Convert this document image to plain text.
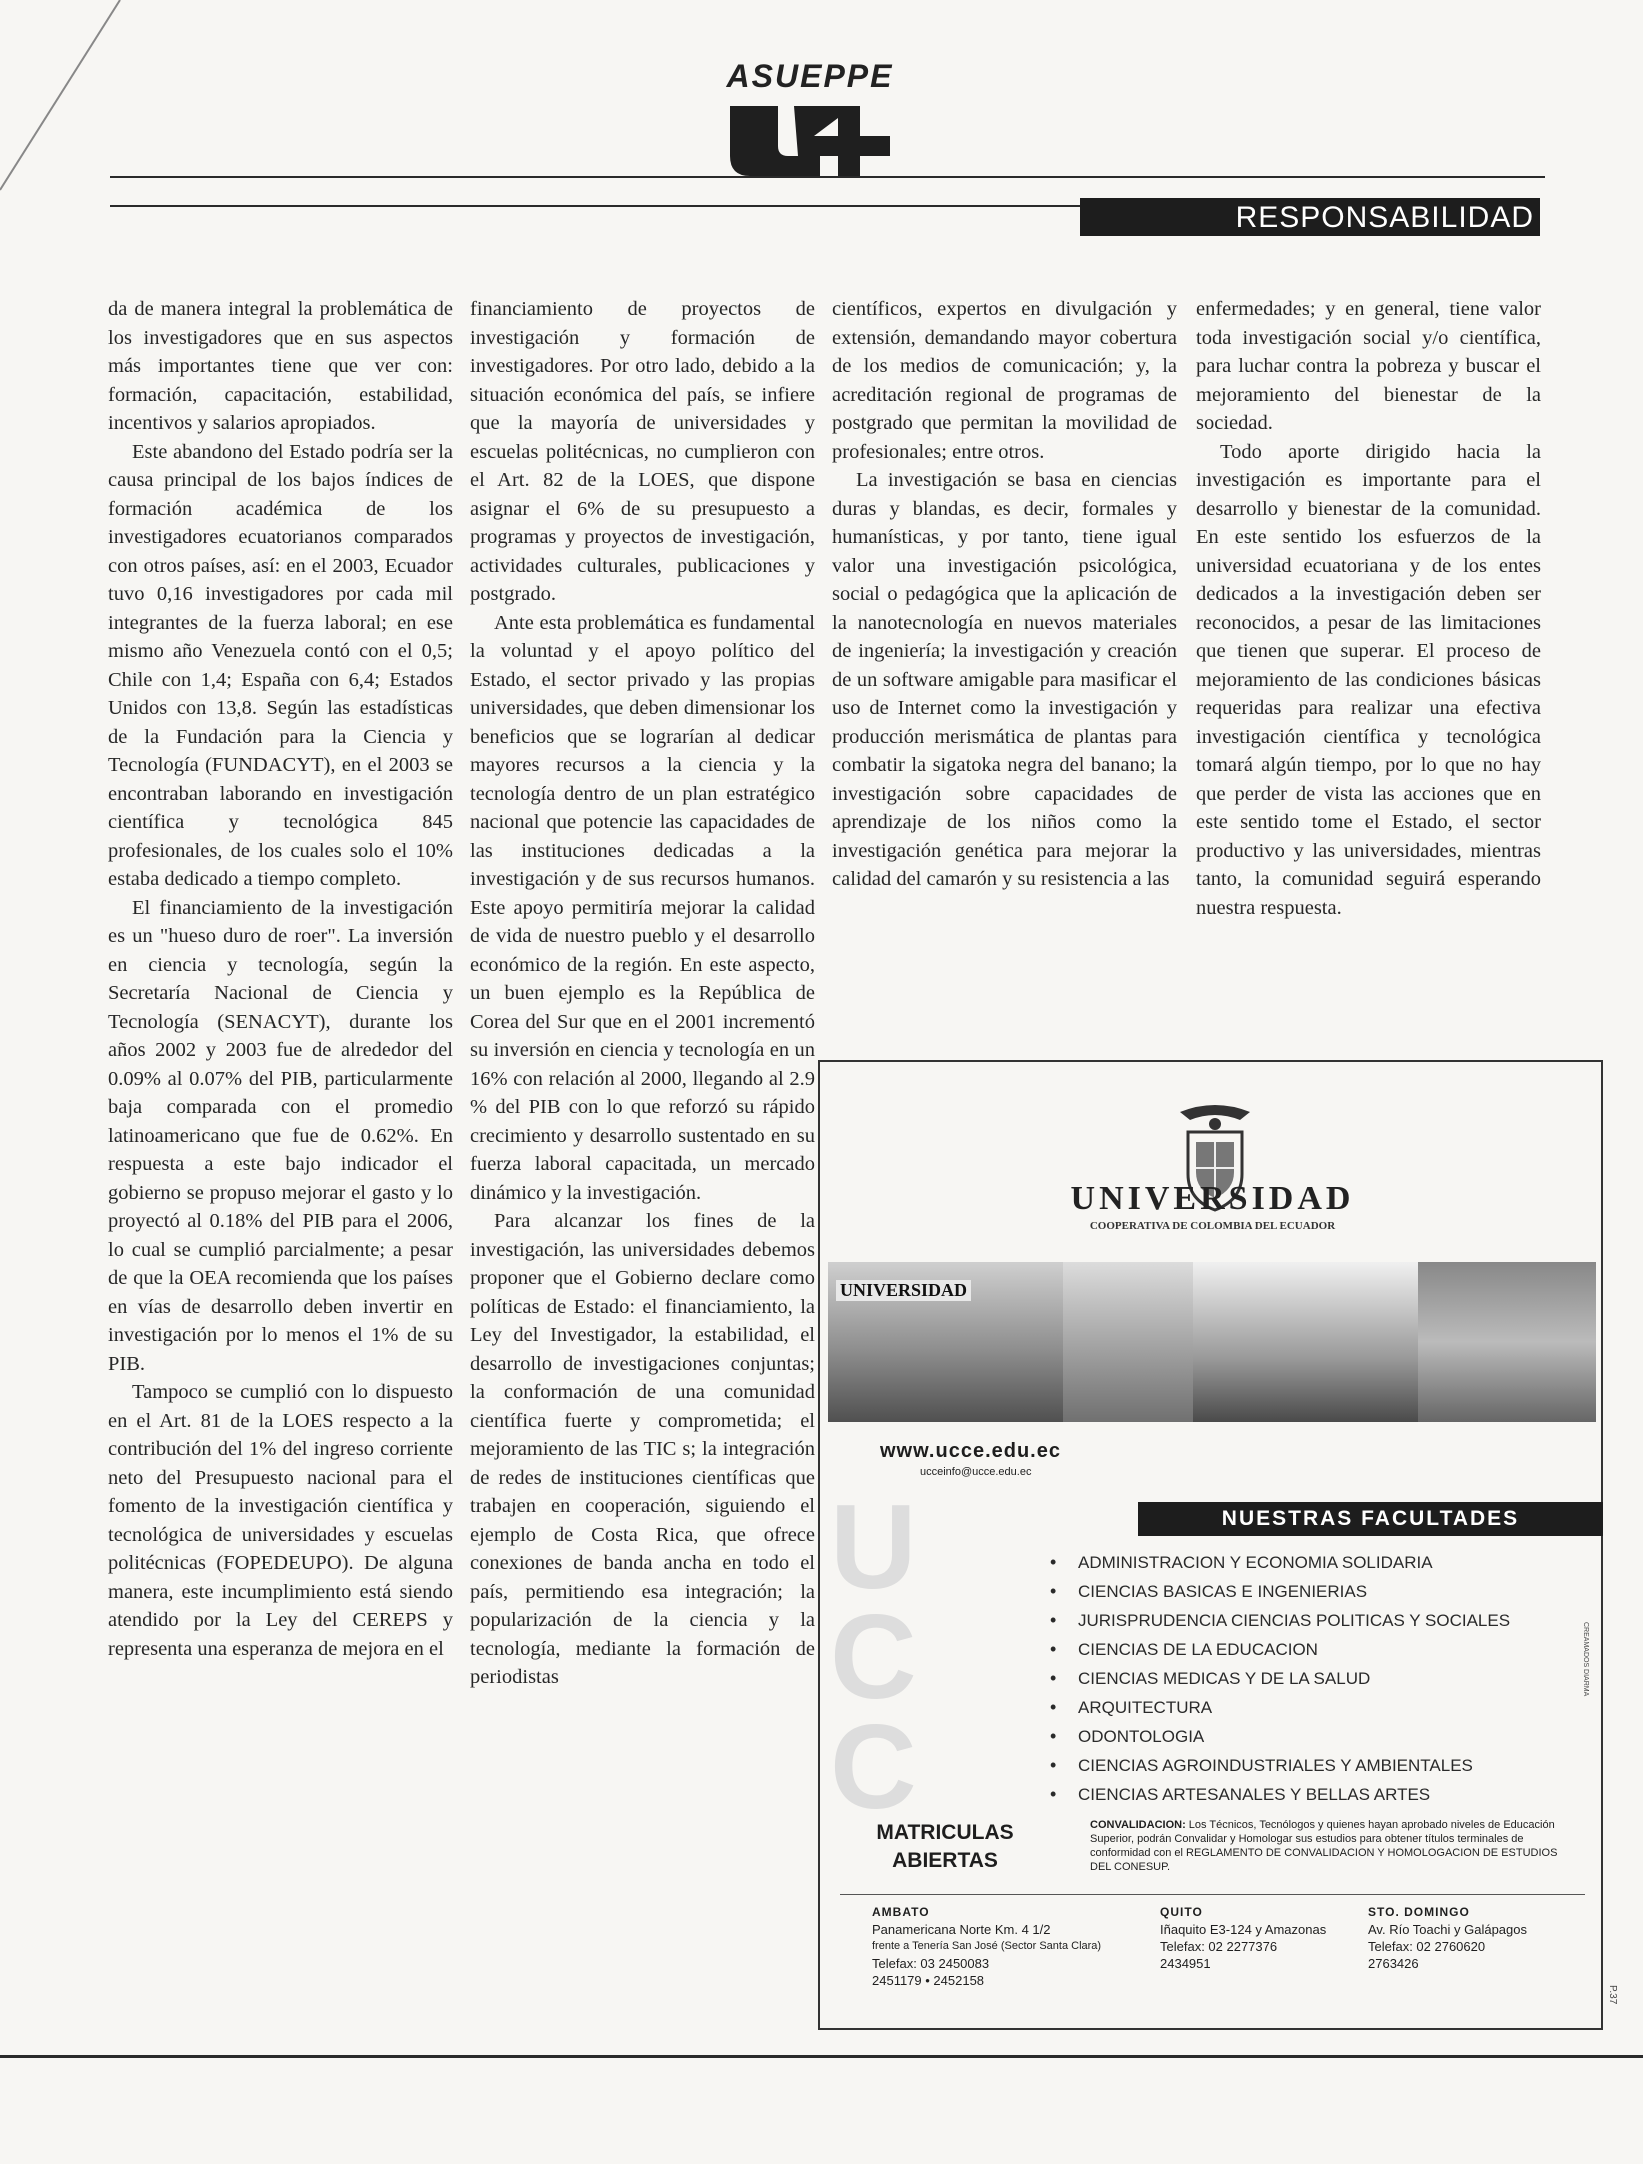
ASUEPPE
RESPONSABILIDAD

da de manera integral la problemática de los investigadores que en sus aspectos más importantes tiene que ver con: formación, capacitación, estabilidad, incentivos y salarios apropiados.

Este abandono del Estado podría ser la causa principal de los bajos índices de formación académica de los investigadores ecuatorianos comparados con otros países, así: en el 2003, Ecuador tuvo 0,16 investigadores por cada mil integrantes de la fuerza laboral; en ese mismo año Venezuela contó con el 0,5; Chile con 1,4; España con 6,4; Estados Unidos con 13,8. Según las estadísticas de la Fundación para la Ciencia y Tecnología (FUNDACYT), en el 2003 se encontraban laborando en investigación científica y tecnológica 845 profesionales, de los cuales solo el 10% estaba dedicado a tiempo completo.

El financiamiento de la investigación es un "hueso duro de roer". La inversión en ciencia y tecnología, según la Secretaría Nacional de Ciencia y Tecnología (SENACYT), durante los años 2002 y 2003 fue de alrededor del 0.09% al 0.07% del PIB, particularmente baja comparada con el promedio latinoamericano que fue de 0.62%. En respuesta a este bajo indicador el gobierno se propuso mejorar el gasto y lo proyectó al 0.18% del PIB para el 2006, lo cual se cumplió parcialmente; a pesar de que la OEA recomienda que los países en vías de desarrollo deben invertir en investigación por lo menos el 1% de su PIB.

Tampoco se cumplió con lo dispuesto en el Art. 81 de la LOES respecto a la contribución del 1% del ingreso corriente neto del Presupuesto nacional para el fomento de la investigación científica y tecnológica de universidades y escuelas politécnicas (FOPEDEUPO). De alguna manera, este incumplimiento está siendo atendido por la Ley del CEREPS y representa una esperanza de mejora en el

financiamiento de proyectos de investigación y formación de investigadores. Por otro lado, debido a la situación económica del país, se infiere que la mayoría de universidades y escuelas politécnicas, no cumplieron con el Art. 82 de la LOES, que dispone asignar el 6% de su presupuesto a programas y proyectos de investigación, actividades culturales, publicaciones y postgrado.

Ante esta problemática es fundamental la voluntad y el apoyo político del Estado, el sector privado y las propias universidades, que deben dimensionar los beneficios que se lograrían al dedicar mayores recursos a la ciencia y la tecnología dentro de un plan estratégico nacional que potencie las capacidades de las instituciones dedicadas a la investigación y de sus recursos humanos. Este apoyo permitiría mejorar la calidad de vida de nuestro pueblo y el desarrollo económico de la región. En este aspecto, un buen ejemplo es la República de Corea del Sur que en el 2001 incrementó su inversión en ciencia y tecnología en un 16% con relación al 2000, llegando al 2.9 % del PIB con lo que reforzó su rápido crecimiento y desarrollo sustentado en su fuerza laboral capacitada, un mercado dinámico y la investigación.

Para alcanzar los fines de la investigación, las universidades debemos proponer que el Gobierno declare como políticas de Estado: el financiamiento, la Ley del Investigador, la estabilidad, el desarrollo de investigaciones conjuntas; la conformación de una comunidad científica fuerte y comprometida; el mejoramiento de las TIC s; la integración de redes de instituciones científicas que trabajen en cooperación, siguiendo el ejemplo de Costa Rica, que ofrece conexiones de banda ancha en todo el país, permitiendo esa integración; la popularización de la ciencia y la tecnología, mediante la formación de periodistas

científicos, expertos en divulgación y extensión, demandando mayor cobertura de los medios de comunicación; y, la acreditación regional de programas de postgrado que permitan la movilidad de profesionales; entre otros.

La investigación se basa en ciencias duras y blandas, es decir, formales y humanísticas, y por tanto, tiene igual valor una investigación psicológica, social o pedagógica que la aplicación de la nanotecnología en nuevos materiales de ingeniería; la investigación y creación de un software amigable para masificar el uso de Internet como la investigación y producción merismática de plantas para combatir la sigatoka negra del banano; la investigación sobre capacidades de aprendizaje de los niños como la investigación genética para mejorar la calidad del camarón y su resistencia a las

enfermedades; y en general, tiene valor toda investigación social y/o científica, para luchar contra la pobreza y buscar el mejoramiento del bienestar de la sociedad.

Todo aporte dirigido hacia la investigación es importante para el desarrollo y bienestar de la comunidad. En este sentido los esfuerzos de la universidad ecuatoriana y de los entes dedicados a la investigación deben ser reconocidos, a pesar de las limitaciones que tienen que superar. El proceso de mejoramiento de las condiciones básicas requeridas para realizar una efectiva investigación científica y tecnológica tomará algún tiempo, por lo que no hay que perder de vista las acciones que en este sentido tome el Estado, el sector productivo y las universidades, mientras tanto, la comunidad seguirá esperando nuestra respuesta.

UNIVERSIDAD
COOPERATIVA DE COLOMBIA DEL ECUADOR
UNIVERSIDAD
U
C
C
www.ucce.edu.ec
ucceinfo@ucce.edu.ec
NUESTRAS FACULTADES
• ADMINISTRACION Y ECONOMIA SOLIDARIA
• CIENCIAS BASICAS E INGENIERIAS
• JURISPRUDENCIA CIENCIAS POLITICAS Y SOCIALES
• CIENCIAS DE LA EDUCACION
• CIENCIAS MEDICAS Y DE LA SALUD
• ARQUITECTURA
• ODONTOLOGIA
• CIENCIAS AGROINDUSTRIALES Y AMBIENTALES
• CIENCIAS ARTESANALES Y BELLAS ARTES
CREAMADOS DIARMA
MATRICULAS
ABIERTAS
CONVALIDACION: Los Técnicos, Tecnólogos y quienes hayan aprobado niveles de Educación Superior, podrán Convalidar y Homologar sus estudios para obtener títulos terminales de conformidad con el REGLAMENTO DE CONVALIDACION Y HOMOLOGACION DE ESTUDIOS DEL CONESUP.
AMBATO
Panamericana Norte Km. 4 1/2
frente a Tenería San José (Sector Santa Clara)
Telefax: 03 2450083
2451179 • 2452158
QUITO
Iñaquito E3-124 y Amazonas
Telefax: 02 2277376
2434951
STO. DOMINGO
Av. Río Toachi y Galápagos
Telefax: 02 2760620
2763426
P.37
